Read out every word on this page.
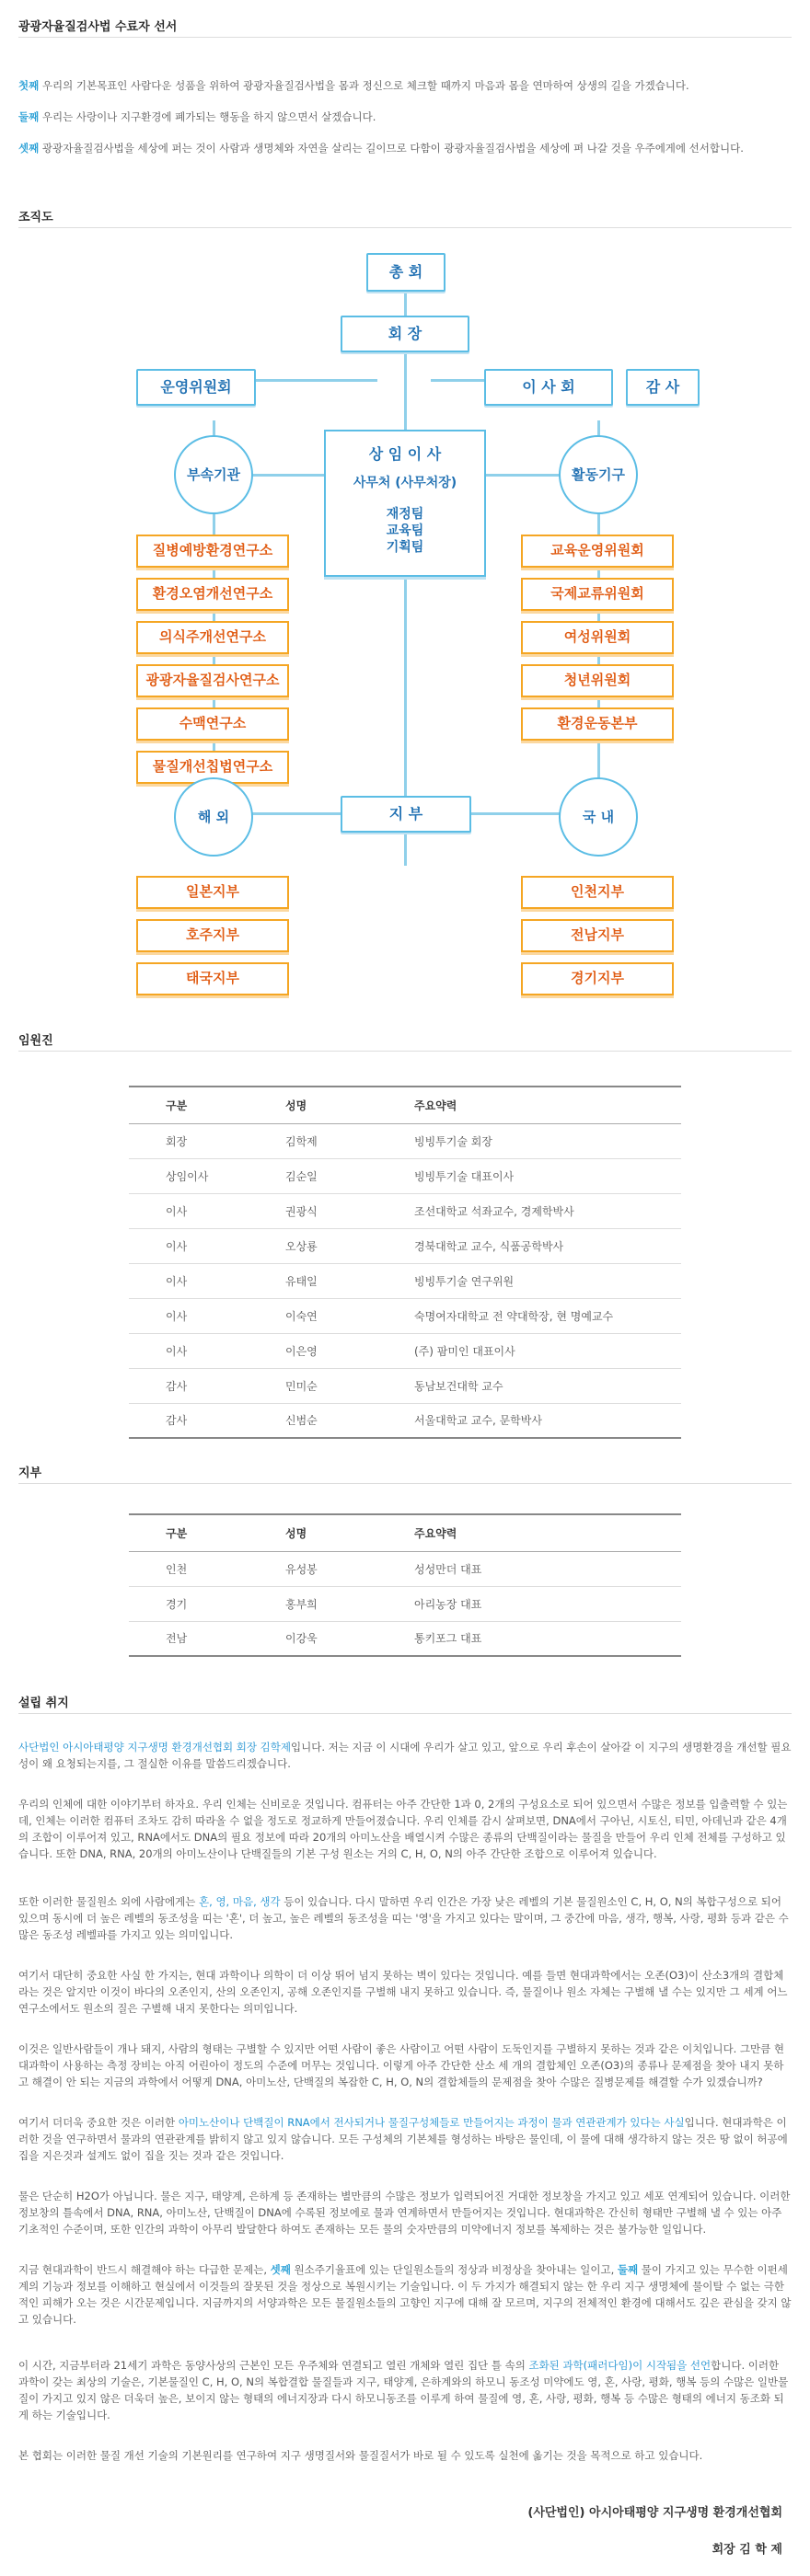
광광자율질검사법 수료자 선서
첫째 우리의 기본목표인 사람다운 성품을 위하여 광광자율질검사법을 몸과 정신으로 체크할 때까지 마음과 몸을 연마하여 상생의 길을 가겠습니다.
둘째 우리는 사랑이나 지구환경에 폐가되는 행동을 하지 않으면서 살겠습니다.
셋째 광광자율질검사법을 세상에 퍼는 것이 사람과 생명체와 자연을 살리는 길이므로 다함이 광광자율질검사법을 세상에 펴 나갈 것을 우주에게에 선서합니다.
조직도
총 회
회 장
운영위원회	이 사 회	감 사
부속기관	활동기구
상 임 이 사
사무처 (사무처장)
재정팀
교육팀
기획팀
질병예방환경연구소
환경오염개선연구소
의식주개선연구소
광광자율질검사연구소
수맥연구소
물질개선칩법연구소
교육운영위원회
국제교류위원회
여성위원회
청년위원회
환경운동본부
해 외	지 부	국 내
일본지부
호주지부
태국지부
인천지부
전남지부
경기지부
임원진
구분	성명	주요약력
회장	김학제	빙빙투기술 회장
상임이사	김순일	빙빙투기술 대표이사
이사	권광식	조선대학교 석좌교수, 경제학박사
이사	오상룡	경북대학교 교수, 식품공학박사
이사	유태일	빙빙투기술 연구위원
이사	이숙연	숙명여자대학교 전 약대학장, 현 명예교수
이사	이은영	(주) 팜미인 대표이사
감사	민미순	동남보건대학 교수
감사	신범순	서울대학교 교수, 문학박사
지부
구분	성명	주요약력
인천	유성봉	성성만더 대표
경기	홍부희	아리농장 대표
전남	이강욱	통키포그 대표
설립 취지
사단법인 아시아태평양 지구생명 환경개선협회 회장 김학제입니다. 저는 지금 이 시대에 우리가 살고 있고, 앞으로 우리 후손이 살아갈 이 지구의 생명환경을 개선할 필요성이 왜 요청되는지를, 그 절실한 이유를 말씀드리겠습니다.
우리의 인체에 대한 이야기부터 하자요. 우리 인체는 신비로운 것입니다. 컴퓨터는 아주 간단한 1과 0, 2개의 구성요소로 되어 있으면서 수많은 정보를 입출력할 수 있는데, 인체는 이러한 컴퓨터 조차도 감히 따라올 수 없을 정도로 정교하게 만들어졌습니다. 우리 인체를 감시 살펴보면, DNA에서 구아닌, 시토신, 티민, 아데닌과 같은 4개의 조합이 이루어져 있고, RNA에서도 DNA의 필요 정보에 따라 20개의 아미노산을 배열시켜 수많은 종류의 단백질이라는 물질을 만들어 우리 인체 전체를 구성하고 있습니다. 또한 DNA, RNA, 20개의 아미노산이나 단백질들의 기본 구성 원소는 거의 C, H, O, N의 아주 간단한 조합으로 이루어져 있습니다.
또한 이러한 물질원소 외에 사람에게는 혼, 영, 마음, 생각 등이 있습니다. 다시 말하면 우리 인간은 가장 낮은 레벨의 기본 물질원소인 C, H, O, N의 복합구성으로 되어 있으며 동시에 더 높은 레벨의 동조성을 띠는 '혼', 더 높고, 높은 레벨의 동조성을 띠는 '영'을 가지고 있다는 말이며, 그 중간에 마음, 생각, 행복, 사랑, 평화 등과 같은 수많은 동조성 레벨파를 가지고 있는 의미입니다.
여기서 대단히 중요한 사실 한 가지는, 현대 과학이나 의학이 더 이상 뛰어 넘지 못하는 벽이 있다는 것입니다. 예를 들면 현대과학에서는 오존(O3)이 산소3개의 결합체라는 것은 알지만 이것이 바다의 오존인지, 산의 오존인지, 공해 오존인지를 구별해 내지 못하고 있습니다. 즉, 물질이나 원소 자체는 구별해 낼 수는 있지만 그 세계 어느 연구소에서도 원소의 질은 구별해 내지 못한다는 의미입니다.
이것은 일반사람들이 개나 돼지, 사람의 형태는 구별할 수 있지만 어떤 사람이 좋은 사람이고 어떤 사람이 도둑인지를 구별하지 못하는 것과 같은 이치입니다. 그만큼 현대과학이 사용하는 측정 장비는 아직 어린아이 정도의 수준에 머무는 것입니다. 이렇게 아주 간단한 산소 세 개의 결합체인 오존(O3)의 종류나 문제점을 찾아 내지 못하고 해결이 안 되는 지금의 과학에서 어떻게 DNA, 아미노산, 단백질의 복잡한 C, H, O, N의 결합체들의 문제점을 찾아 수많은 질병문제를 해결할 수가 있겠습니까?
여기서 더더욱 중요한 것은 이러한 아미노산이나 단백질이 RNA에서 전사되거나 물질구성체들로 만들어지는 과정이 물과 연관관계가 있다는 사실입니다. 현대과학은 이러한 것을 연구하면서 물과의 연관관계를 밝히지 않고 있지 않습니다. 모든 구성체의 기본체를 형성하는 바탕은 물인데, 이 물에 대해 생각하지 않는 것은 땅 없이 허공에 집을 지은것과 설계도 없이 집을 짓는 것과 같은 것입니다.
물은 단순히 H2O가 아닙니다. 물은 지구, 태양계, 은하계 등 존재하는 별만큼의 수많은 정보가 입력되어진 거대한 정보창을 가지고 있고 세포 연계되어 있습니다. 이러한 정보창의 틀속에서 DNA, RNA, 아미노산, 단백질이 DNA에 수록된 정보에로 물과 연계하면서 만들어지는 것입니다. 현대과학은 간신히 형태만 구별해 낼 수 있는 아주 기초적인 수준이며, 또한 인간의 과학이 아무리 발달한다 하여도 존재하는 모든 물의 숫자만큼의 미약에너지 정보를 복제하는 것은 불가능한 일입니다.
지금 현대과학이 반드시 해결해야 하는 다급한 문제는, 셋째 원소주기율표에 있는 단일원소들의 정상과 비정상을 찾아내는 일이고, 둘째 물이 가지고 있는 무수한 이펀세계의 기능과 정보를 이해하고 현실에서 이것들의 잘못된 것을 정상으로 복원시키는 기술입니다. 이 두 가지가 해결되지 않는 한 우리 지구 생명체에 물이탈 수 없는 극한적인 피해가 오는 것은 시간문제입니다. 지금까지의 서양과학은 모든 물질원소들의 고향인 지구에 대해 잘 모르며, 지구의 전체적인 환경에 대해서도 깊은 관심을 갖지 않고 있습니다.
이 시간, 지금부터라 21세기 과학은 동양사상의 근본인 모든 우주체와 연결되고 열린 개체와 열린 집단 틀 속의 조화된 과학(패러다임)이 시작됨을 선언합니다. 이러한 과학이 갖는 최상의 기술은, 기본물질인 C, H, O, N의 복합결합 물질들과 지구, 태양계, 은하계와의 하모니 동조성 미약에도 영, 혼, 사랑, 평화, 행복 등의 수많은 일반물질이 가지고 있지 않은 더욱더 높은, 보이지 않는 형태의 에너지장과 다시 하모니동조를 이루게 하여 물질에 영, 혼, 사랑, 평화, 행복 등 수많은 형태의 에너지 동조화 되게 하는 기술입니다.
본 협회는 이러한 물질 개선 기술의 기본원리를 연구하여 지구 생명질서와 물질질서가 바로 될 수 있도록 실천에 옮기는 것을 목적으로 하고 있습니다.
(사단법인) 아시아태평양 지구생명 환경개선협회
회장 김 학 제
